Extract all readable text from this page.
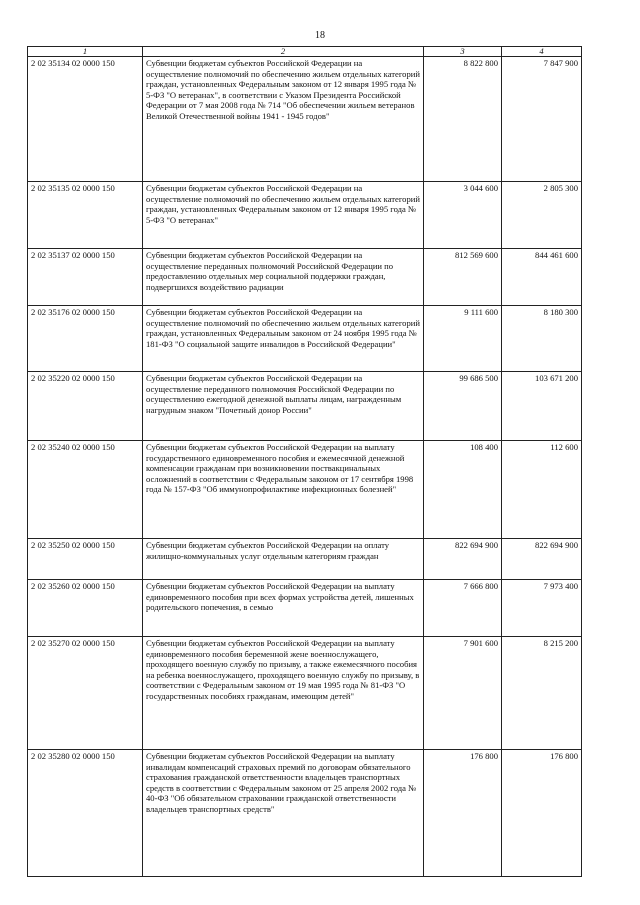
18
1	2	3	4
2 02 35134 02 0000 150	Субвенции бюджетам субъектов Российской Федерации на осуществление полномочий по обеспечению жильем отдельных категорий граждан, установленных Федеральным законом от 12 января 1995 года № 5-ФЗ "О ветеранах", в соответствии с Указом Президента Российской Федерации от 7 мая 2008 года № 714 "Об обеспечении жильем ветеранов Великой Отечественной войны 1941 - 1945 годов"	8 822 800	7 847 900
2 02 35135 02 0000 150	Субвенции бюджетам субъектов Российской Федерации на осуществление полномочий по обеспечению жильем отдельных категорий граждан, установленных Федеральным законом от 12 января 1995 года № 5-ФЗ "О ветеранах"	3 044 600	2 805 300
2 02 35137 02 0000 150	Субвенции бюджетам субъектов Российской Федерации на осуществление переданных полномочий Российской Федерации по предоставлению отдельных мер социальной поддержки граждан, подвергшихся воздействию радиации	812 569 600	844 461 600
2 02 35176 02 0000 150	Субвенции бюджетам субъектов Российской Федерации на осуществление полномочий по обеспечению жильем отдельных категорий граждан, установленных Федеральным законом от 24 ноября 1995 года № 181-ФЗ "О социальной защите инвалидов в Российской Федерации"	9 111 600	8 180 300
2 02 35220 02 0000 150	Субвенции бюджетам субъектов Российской Федерации на осуществление переданного полномочия Российской Федерации по осуществлению ежегодной денежной выплаты лицам, награжденным нагрудным знаком "Почетный донор России"	99 686 500	103 671 200
2 02 35240 02 0000 150	Субвенции бюджетам субъектов Российской Федерации на выплату государственного единовременного пособия и ежемесячной денежной компенсации гражданам при возникновении поствакцинальных осложнений в соответствии с Федеральным законом от 17 сентября 1998 года № 157-ФЗ "Об иммунопрофилактике инфекционных болезней"	108 400	112 600
2 02 35250 02 0000 150	Субвенции бюджетам субъектов Российской Федерации на оплату жилищно-коммунальных услуг отдельным категориям граждан	822 694 900	822 694 900
2 02 35260 02 0000 150	Субвенции бюджетам субъектов Российской Федерации на выплату единовременного пособия при всех формах устройства детей, лишенных родительского попечения, в семью	7 666 800	7 973 400
2 02 35270 02 0000 150	Субвенции бюджетам субъектов Российской Федерации на выплату единовременного пособия беременной жене военнослужащего, проходящего военную службу по призыву, а также ежемесячного пособия на ребенка военнослужащего, проходящего военную службу по призыву, в соответствии с Федеральным законом от 19 мая 1995 года № 81-ФЗ "О государственных пособиях гражданам, имеющим детей"	7 901 600	8 215 200
2 02 35280 02 0000 150	Субвенции бюджетам субъектов Российской Федерации на выплату инвалидам компенсаций страховых премий по договорам обязательного страхования гражданской ответственности владельцев транспортных средств в соответствии с Федеральным законом от 25 апреля 2002 года № 40-ФЗ "Об обязательном страховании гражданской ответственности владельцев транспортных средств"	176 800	176 800
